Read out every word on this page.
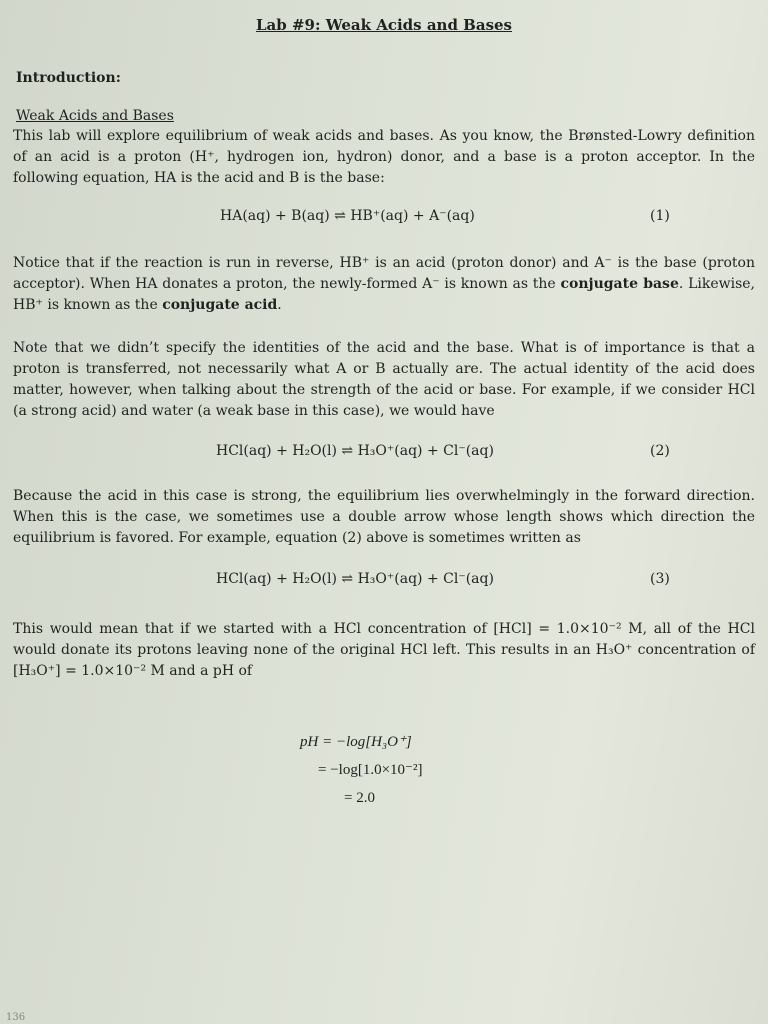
Lab #9: Weak Acids and Bases
Introduction:
Weak Acids and Bases
This lab will explore equilibrium of weak acids and bases. As you know, the Brønsted-Lowry definition of an acid is a proton (H⁺, hydrogen ion, hydron) donor, and a base is a proton acceptor. In the following equation, HA is the acid and B is the base:
HA(aq) + B(aq) ⇌ HB⁺(aq) + A⁻(aq)	(1)
Notice that if the reaction is run in reverse, HB⁺ is an acid (proton donor) and A⁻ is the base (proton acceptor). When HA donates a proton, the newly-formed A⁻ is known as the conjugate base. Likewise, HB⁺ is known as the conjugate acid.
Note that we didn’t specify the identities of the acid and the base. What is of importance is that a proton is transferred, not necessarily what A or B actually are. The actual identity of the acid does matter, however, when talking about the strength of the acid or base. For example, if we consider HCl (a strong acid) and water (a weak base in this case), we would have
HCl(aq) + H₂O(l) ⇌ H₃O⁺(aq) + Cl⁻(aq)	(2)
Because the acid in this case is strong, the equilibrium lies overwhelmingly in the forward direction. When this is the case, we sometimes use a double arrow whose length shows which direction the equilibrium is favored. For example, equation (2) above is sometimes written as
HCl(aq) + H₂O(l) ⇌ H₃O⁺(aq) + Cl⁻(aq)	(3)
This would mean that if we started with a HCl concentration of [HCl] = 1.0×10⁻² M, all of the HCl would donate its protons leaving none of the original HCl left. This results in an H₃O⁺ concentration of [H₃O⁺] = 1.0×10⁻² M and a pH of
pH = −log[H₃O⁺]
= −log[1.0×10⁻²]
= 2.0
136
